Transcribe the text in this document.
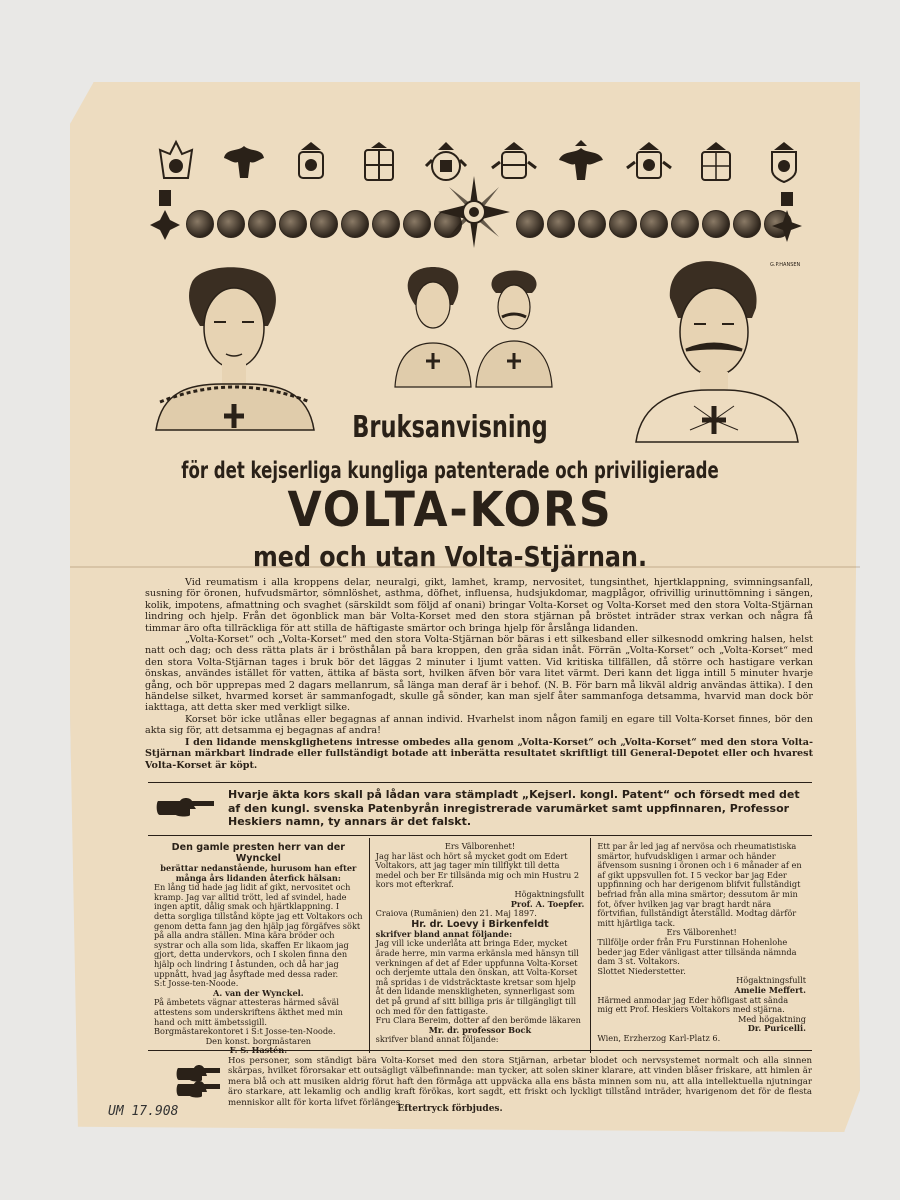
G.P.HANSEN
Bruksanvisning
för det kejserliga kungliga patenterade och priviligierade
VOLTA-KORS
med och utan Volta-Stjärnan.

Vid reumatism i alla kroppens delar, neuralgi, gikt, lamhet, kramp, nervositet, tungsinthet, hjertklappning, svimningsanfall, susning för öronen, hufvudsmärtor, sömnlöshet, asthma, döfhet, influensa, hudsjukdomar, magplågor, ofrivillig urinuttömning i sängen, kolik, impotens, afmattning och svaghet (särskildt som följd af onani) bringar Volta-Korset og Volta-Korset med den stora Volta-Stjärnan lindring och hjelp. Från det ögonblick man bär Volta-Korset med den stora stjärnan på bröstet inträder strax verkan och några få timmar äro ofta tillräckliga för att stilla de häftigaste smärtor och bringa hjelp för årslånga lidanden.

„Volta-Korset“ och „Volta-Korset“ med den stora Volta-Stjärnan bör bäras i ett silkesband eller silkesnodd omkring halsen, helst natt och dag; och dess rätta plats är i brösthålan på bara kroppen, den gråa sidan inåt. Förrän „Volta-Korset“ och „Volta-Korset“ med den stora Volta-Stjärnan tages i bruk bör det läggas 2 minuter i ljumt vatten. Vid kritiska tillfällen, då större och hastigare verkan önskas, användes istället för vatten, ättika af bästa sort, hvilken äfven bör vara litet värmt. Deri kann det ligga intill 5 minuter hvarje gång, och bör upprepas med 2 dagars mellanrum, så länga man deraf är i behof. (N. B. För barn må likväl aldrig användas ättika). I den händelse silket, hvarmed korset är sammanfogadt, skulle gå sönder, kan man sjelf åter sammanfoga detsamma, hvarvid man dock bör iakttaga, att detta sker med verkligt silke.

Korset bör icke utlånas eller begagnas af annan individ. Hvarhelst inom någon familj en egare till Volta-Korset finnes, bör den akta sig för, att detsamma ej begagnas af andra!

I den lidande menskglighetens intresse ombedes alla genom „Volta-Korset“ och „Volta-Korset“ med den stora Volta-Stjärnan märkbart lindrade eller fullständigt botade att inberätta resultatet skriftligt till General-Depotet eller och hvarest Volta-Korset är köpt.

Hvarje äkta kors skall på lådan vara stämpladt „Kejserl. kongl. Patent“ och försedt med det af den kungl. svenska Patenbyrån inregistrerade varumärket samt uppfinnaren, Professor Heskiers namn, ty annars är det falskt.
Den gamle presten herr van der Wynckel
berättar nedanstående, hurusom han efter många års lidanden återfick hälsan:
En lång tid hade jag lidit af gikt, nervositet och kramp. Jag var alltid trött, led af svindel, hade ingen aptit, dålig smak och hjärtklappning. I detta sorgliga tillstånd köpte jag ett Voltakors och genom detta fann jag den hjälp jag förgäfves sökt på alla andra ställen. Mina kära bröder och systrar och alla som lida, skaffen Er likaom jag gjort, detta undervkors, och I skolen finna den hjälp och lindring I åstunden, och då har jag uppnått, hvad jag åsyftade med dessa rader.
S:t Josse-ten-Noode.
A. van der Wynckel.
På ämbetets vägnar attesteras härmed såväl attestens som underskriftens äkthet med min hand och mitt ämbetssigill.
Borgmästarekontoret i S:t Josse-ten-Noode.
Den konst. borgmästaren
Ers Välborenhet!
Jag har läst och hört så mycket godt om Edert Voltakors, att jag tager min tillflykt till detta medel och ber Er tillsända mig och min Hustru 2 kors mot efterkraf.
Högaktningsfullt
Prof. A. Toepfer.
Craiova (Rumänien) den 21. Maj 1897.
Hr. dr. Loevy i Birkenfeldt
skrifver bland annat följande:
Jag vill icke underlåta att bringa Eder, mycket ärade herre, min varma erkänsla med hänsyn till verkningen af det af Eder uppfunna Volta-Korset och derjemte uttala den önskan, att Volta-Korset må spridas i de vidsträcktaste kretsar som hjelp åt den lidande menskligheten, synnerligast som det på grund af sitt billiga pris är tillgängligt till och med för den fattigaste.
Fru Clara Bereim, dotter af den berömde läkaren
Mr. dr. professor Bock
skrifver bland annat följande:
Ett par år led jag af nervösa och rheumatistiska smärtor, hufvudskligen i armar och händer äfvensom susning i öronen och i 6 månader af en af gikt uppsvullen fot. I 5 veckor bar jag Eder uppfinning och har derigenom blifvit fullständigt befriad från alla mina smärtor; dessutom är min fot, öfver hvilken jag var bragt hardt nära förtvifian, fullständigt återställd. Modtag därför mitt hjärtliga tack.
Ers Välborenhet!
Tillfölje order från Fru Furstinnan Hohenlohe beder jag Eder vänligast atter tillsända nämnda dam 3 st. Voltakors.
Slottet Niederstetter.
Högaktningsfullt
Amelie Meffert.
Härmed anmodar jag Eder höfligast att sända mig ett Prof. Heskiers Voltakors med stjärna.
Med högaktning
Dr. Puricelli.
Wien, Erzherzog Karl-Platz 6.
Hos personer, som ständigt bära Volta-Korset med den stora Stjärnan, arbetar blodet och nervsystemet normalt och alla sinnen skärpas, hvilket förorsakar ett outsägligt välbefinnande: man tycker, att solen skiner klarare, att vinden blåser friskare, att himlen är mera blå och att musiken aldrig förut haft den förmåga att uppväcka alla ens bästa minnen som nu, att alla intellektuella njutningar äro starkare, att lekamlig och andlig kraft förökas, kort sagdt, ett friskt och lyckligt tillstånd inträder, hvarigenom det för de flesta menniskor allt för korta lifvet förlänges.
Eftertryck förbjudes.
UM 17.908
